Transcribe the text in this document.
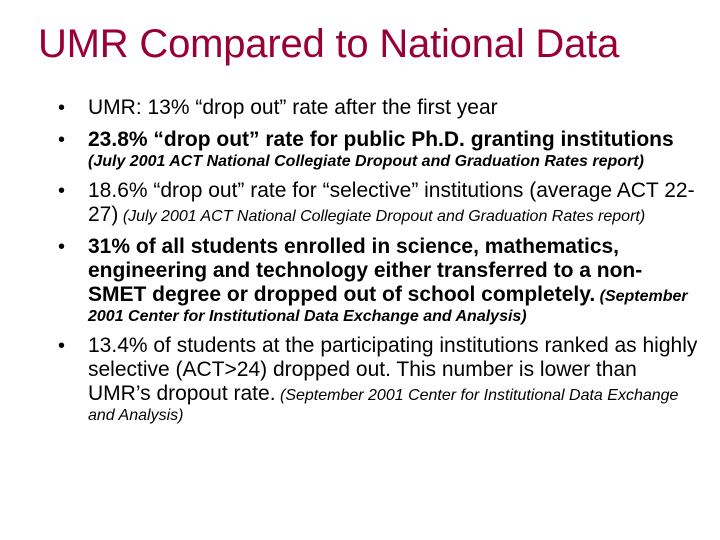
UMR Compared to National Data
• UMR: 13% “drop out” rate after the first year
• 23.8% “drop out” rate for public Ph.D. granting institutions (July 2001 ACT National Collegiate Dropout and Graduation Rates report)
• 18.6% “drop out” rate for “selective” institutions (average ACT 22-27) (July 2001 ACT National Collegiate Dropout and Graduation Rates report)
• 31% of all students enrolled in science, mathematics, engineering and technology either transferred to a non-SMET degree or dropped out of school completely. (September 2001 Center for Institutional Data Exchange and Analysis)
• 13.4% of students at the participating institutions ranked as highly selective (ACT>24) dropped out. This number is lower than UMR’s dropout rate. (September 2001 Center for Institutional Data Exchange and Analysis)
